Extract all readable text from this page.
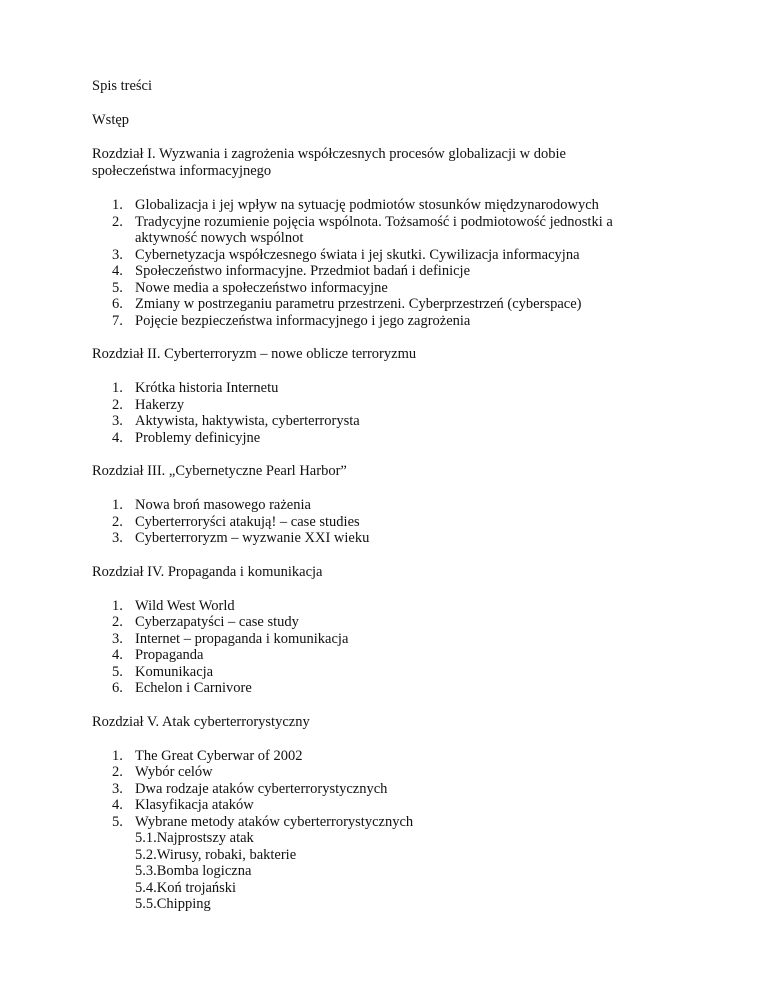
Spis treści

Wstęp

Rozdział I. Wyzwania i zagrożenia współczesnych procesów globalizacji w dobie społeczeństwa informacyjnego

1. Globalizacja i jej wpływ na sytuację podmiotów stosunków międzynarodowych
2. Tradycyjne rozumienie pojęcia wspólnota. Tożsamość i podmiotowość jednostki a aktywność nowych wspólnot
3. Cybernetyzacja współczesnego świata i jej skutki. Cywilizacja informacyjna
4. Społeczeństwo informacyjne. Przedmiot badań i definicje
5. Nowe media a społeczeństwo informacyjne
6. Zmiany w postrzeganiu parametru przestrzeni. Cyberprzestrzeń (cyberspace)
7. Pojęcie bezpieczeństwa informacyjnego i jego zagrożenia

Rozdział II. Cyberterroryzm – nowe oblicze terroryzmu

1. Krótka historia Internetu
2. Hakerzy
3. Aktywista, haktywista, cyberterrorysta
4. Problemy definicyjne

Rozdział III. „Cybernetyczne Pearl Harbor”

1. Nowa broń masowego rażenia
2. Cyberterroryści atakują! – case studies
3. Cyberterroryzm – wyzwanie XXI wieku

Rozdział IV. Propaganda i komunikacja

1. Wild West World
2. Cyberzapatyści – case study
3. Internet – propaganda i komunikacja
4. Propaganda
5. Komunikacja
6. Echelon i Carnivore

Rozdział V. Atak cyberterrorystyczny

1. The Great Cyberwar of 2002
2. Wybór celów
3. Dwa rodzaje ataków cyberterrorystycznych
4. Klasyfikacja ataków
5. Wybrane metody ataków cyberterrorystycznych
5.1.Najprostszy atak
5.2.Wirusy, robaki, bakterie
5.3.Bomba logiczna
5.4.Koń trojański
5.5.Chipping
